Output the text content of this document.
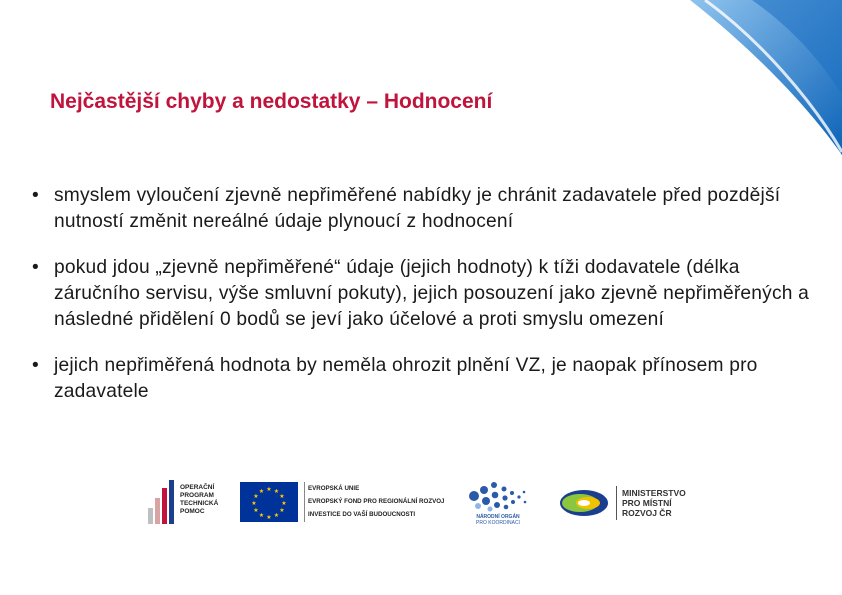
Nejčastější chyby a nedostatky – Hodnocení
• smyslem vyloučení zjevně nepřiměřené nabídky je chránit zadavatele před pozdější nutností změnit nereálné údaje plynoucí z hodnocení
• pokud jdou „zjevně nepřiměřené“ údaje (jejich hodnoty) k tíži dodavatele (délka záručního servisu, výše smluvní pokuty), jejich posouzení jako zjevně nepřiměřených a následné přidělení 0 bodů se jeví jako účelové a proti smyslu omezení
• jejich nepřiměřená hodnota by neměla ohrozit plnění VZ, je naopak přínosem pro zadavatele
OPERAČNÍ
PROGRAM
TECHNICKÁ
POMOC
★ ★
★
★
★
★
★
★
★
★
★
★	EVROPSKÁ UNIE
EVROPSKÝ FOND PRO REGIONÁLNÍ ROZVOJ
INVESTICE DO VAŠÍ BUDOUCNOSTI	NÁRODNÍ ORGÁN
PRO KOORDINACI
MINISTERSTVO
PRO MÍSTNÍ
ROZVOJ ČR
